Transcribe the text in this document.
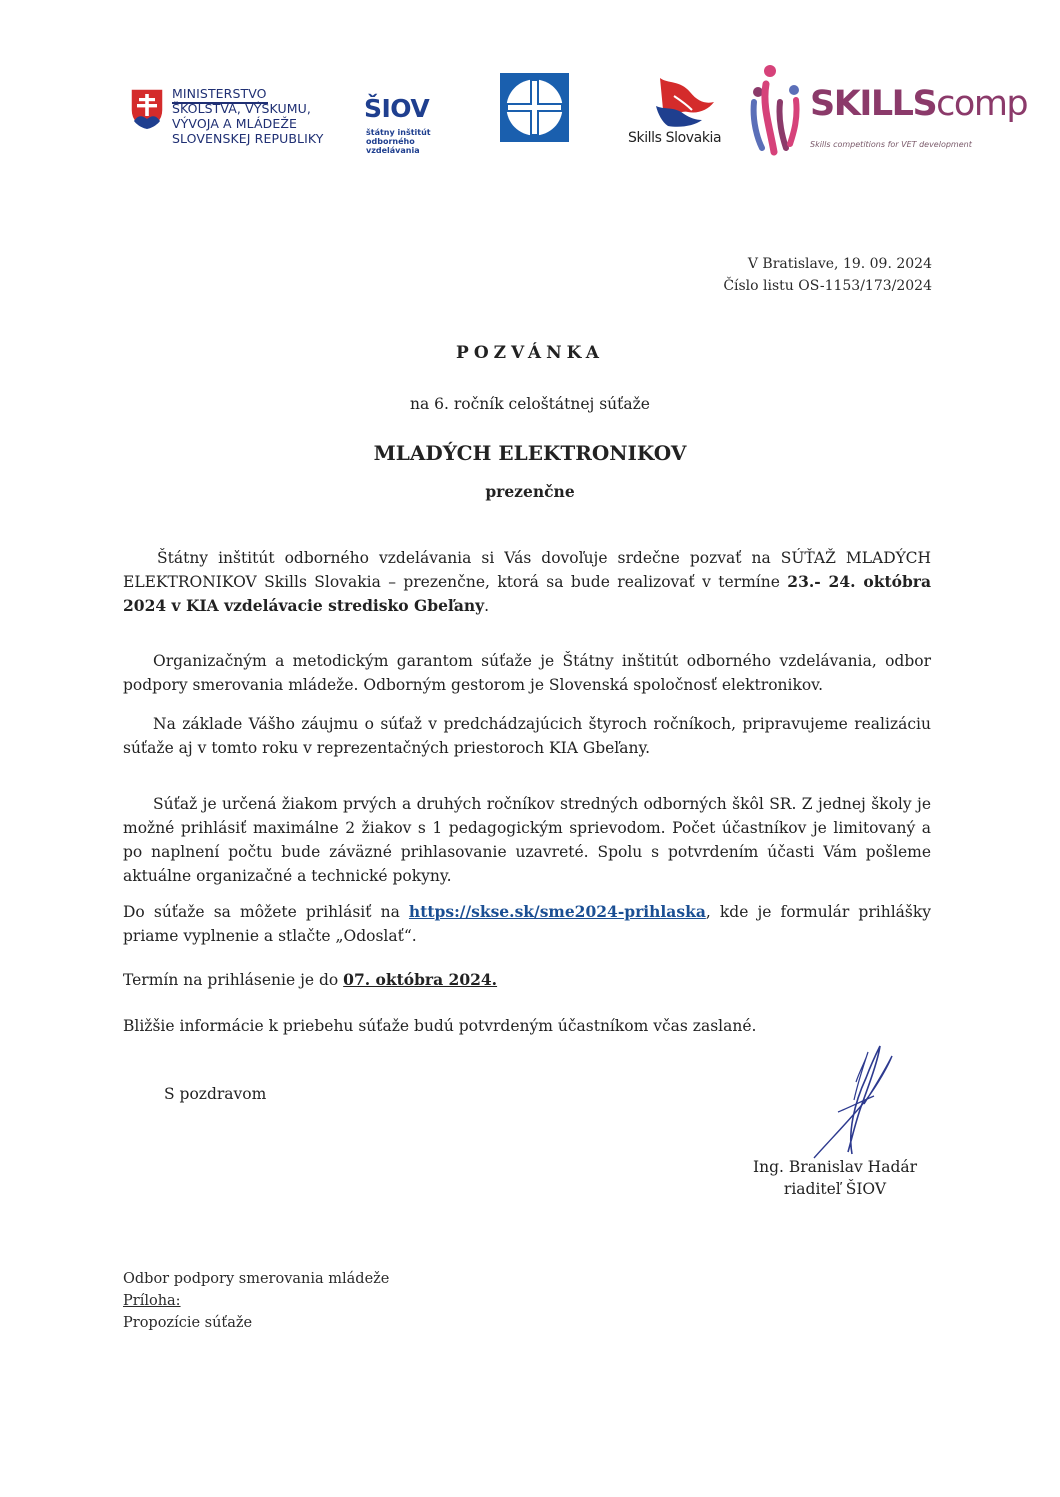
MINISTERSTVO
ŠKOLSTVA, VÝSKUMU,
VÝVOJA A MLÁDEŽE
SLOVENSKEJ REPUBLIKY
ŠIOV
štátny inštitút
odborného
vzdelávania
Skills Slovakia
SKILLScomp
Skills competitions for VET development
V Bratislave, 19. 09. 2024
Číslo listu OS-1153/173/2024
POZVÁNKA
na 6. ročník celoštátnej súťaže
MLADÝCH ELEKTRONIKOV
prezenčne
Štátny inštitút odborného vzdelávania si Vás dovoľuje srdečne pozvať na SÚŤAŽ MLADÝCH ELEKTRONIKOV Skills Slovakia – prezenčne, ktorá sa bude realizovať v termíne 23.- 24. októbra 2024 v KIA vzdelávacie stredisko Gbeľany.
Organizačným a metodickým garantom súťaže je Štátny inštitút odborného vzdelávania, odbor podpory smerovania mládeže. Odborným gestorom je Slovenská spoločnosť elektronikov.
Na základe Vášho záujmu o súťaž v predchádzajúcich štyroch ročníkoch, pripravujeme realizáciu súťaže aj v tomto roku v reprezentačných priestoroch KIA Gbeľany.
Súťaž je určená žiakom prvých a druhých ročníkov stredných odborných škôl SR. Z jednej školy je možné prihlásiť maximálne 2 žiakov s 1 pedagogickým sprievodom. Počet účastníkov je limitovaný a po naplnení počtu bude záväzné prihlasovanie uzavreté. Spolu s potvrdením účasti Vám pošleme aktuálne organizačné a technické pokyny.
Do súťaže sa môžete prihlásiť na https://skse.sk/sme2024-prihlaska, kde je formulár prihlášky priame vyplnenie a stlačte „Odoslať“.
Termín na prihlásenie je do 07. októbra 2024.
Bližšie informácie k priebehu súťaže budú potvrdeným účastníkom včas zaslané.
S pozdravom
Ing. Branislav Hadár
riaditeľ ŠIOV
Odbor podpory smerovania mládeže
Príloha:
Propozície súťaže
